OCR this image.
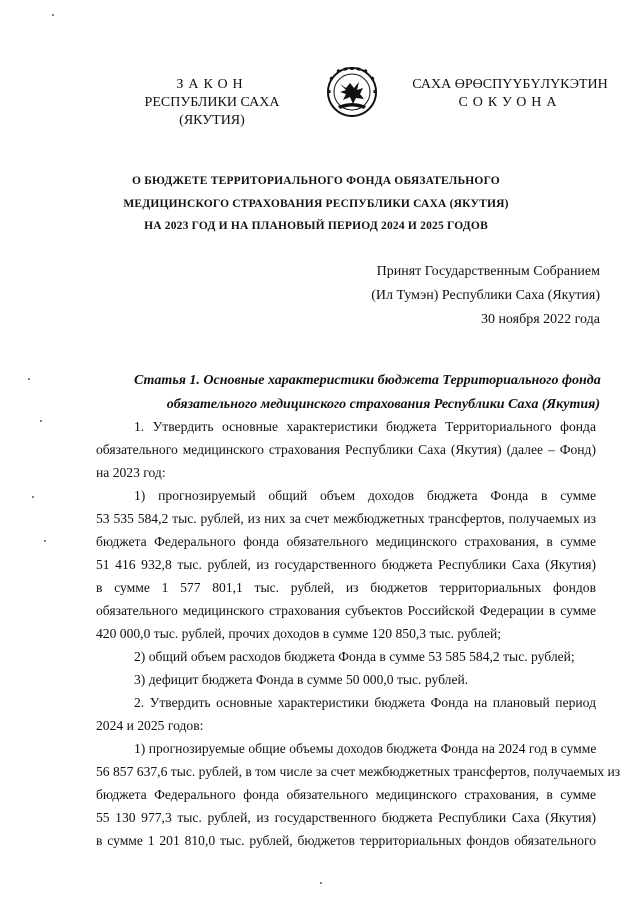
ЗАКОН
РЕСПУБЛИКИ САХА (ЯКУТИЯ)
САХА ӨРӨСПҮҮБҮЛҮКЭТИН
СОКУОНА
О БЮДЖЕТЕ ТЕРРИТОРИАЛЬНОГО ФОНДА ОБЯЗАТЕЛЬНОГО
МЕДИЦИНСКОГО СТРАХОВАНИЯ РЕСПУБЛИКИ САХА (ЯКУТИЯ)
НА 2023 ГОД И НА ПЛАНОВЫЙ ПЕРИОД 2024 И 2025 ГОДОВ
Принят Государственным Собранием
(Ил Тумэн) Республики Саха (Якутия)
30 ноября 2022 года
Статья 1. Основные характеристики бюджета Территориального фонда
обязательного медицинского страхования Республики Саха (Якутия)
1. Утвердить основные характеристики бюджета Территориального фонда
обязательного медицинского страхования Республики Саха (Якутия) (далее – Фонд)
на 2023 год:
1) прогнозируемый общий объем доходов бюджета Фонда в сумме
53 535 584,2 тыс. рублей, из них за счет межбюджетных трансфертов, получаемых из
бюджета Федерального фонда обязательного медицинского страхования, в сумме
51 416 932,8 тыс. рублей, из государственного бюджета Республики Саха (Якутия)
в сумме 1 577 801,1 тыс. рублей, из бюджетов территориальных фондов
обязательного медицинского страхования субъектов Российской Федерации в сумме
420 000,0 тыс. рублей, прочих доходов в сумме 120 850,3 тыс. рублей;
2) общий объем расходов бюджета Фонда в сумме 53 585 584,2 тыс. рублей;
3) дефицит бюджета Фонда в сумме 50 000,0 тыс. рублей.
2. Утвердить основные характеристики бюджета Фонда на плановый период
2024 и 2025 годов:
1) прогнозируемые общие объемы доходов бюджета Фонда на 2024 год в сумме
56 857 637,6 тыс. рублей, в том числе за счет межбюджетных трансфертов, получаемых из
бюджета Федерального фонда обязательного медицинского страхования, в сумме
55 130 977,3 тыс. рублей, из государственного бюджета Республики Саха (Якутия)
в сумме 1 201 810,0 тыс. рублей, бюджетов территориальных фондов обязательного
